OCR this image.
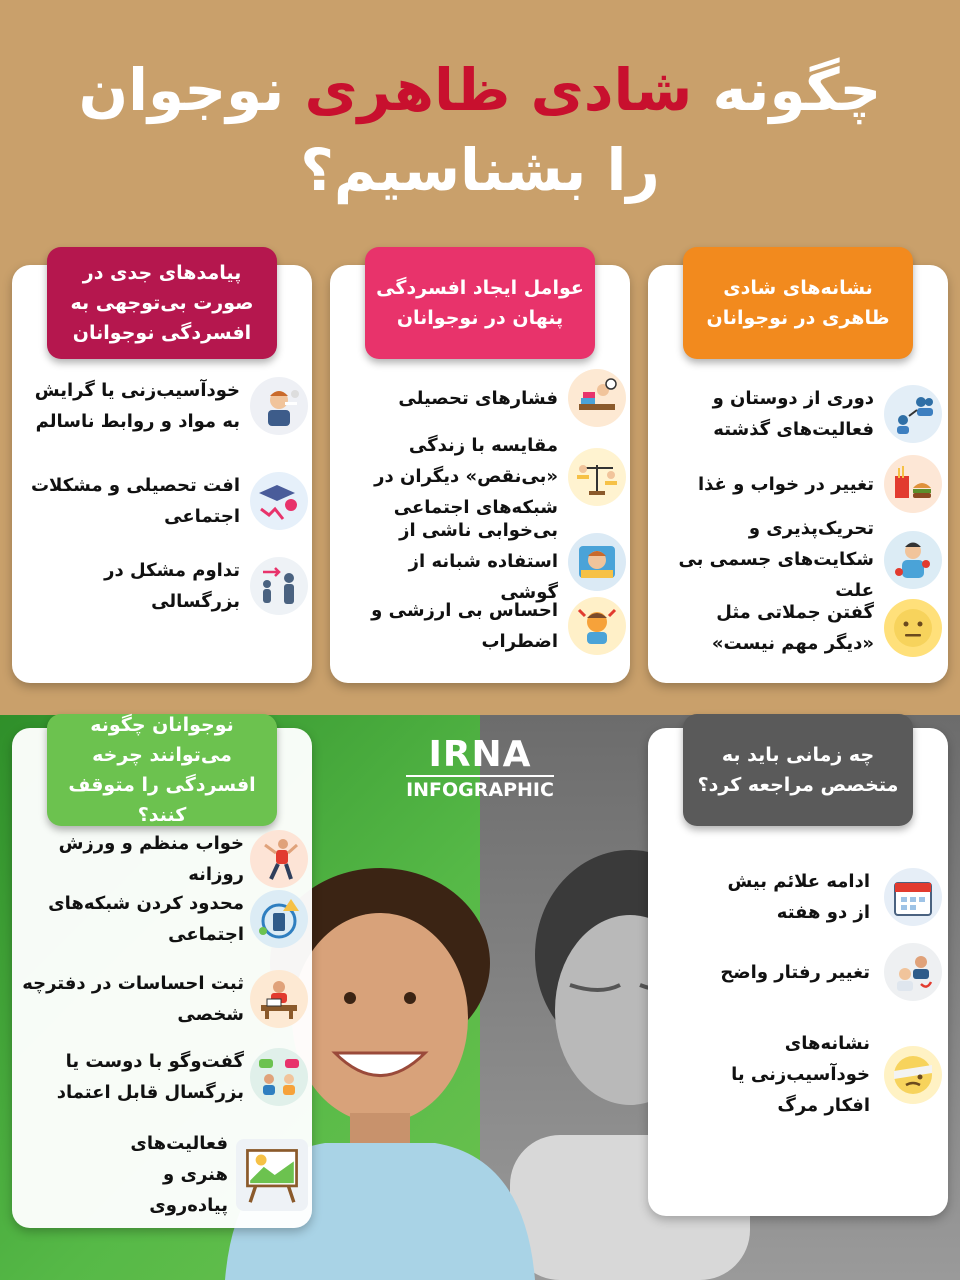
چگونه شادی ظاهری نوجوان
را بشناسیم؟
نشانه‌های شادی ظاهری در نوجوانان
دوری از دوستان و فعالیت‌های گذشته
تغییر در خواب و غذا
تحریک‌پذیری و شکایت‌های جسمی بی علت
گفتن جملاتی مثل «دیگر مهم نیست»
عوامل ایجاد افسردگی پنهان در نوجوانان
فشارهای تحصیلی
مقایسه با زندگی «بی‌نقص» دیگران در شبکه‌های اجتماعی
بی‌خوابی ناشی از استفاده شبانه از گوشی
احساس بی ارزشی و اضطراب
پیامدهای جدی در صورت بی‌توجهی به افسردگی نوجوانان
خودآسیب‌زنی یا گرایش به مواد و روابط ناسالم
افت تحصیلی و مشکلات اجتماعی
تداوم مشکل در بزرگسالی
IRNA
INFOGRAPHIC
چه زمانی باید به متخصص مراجعه کرد؟
ادامه علائم بیش از دو هفته
تغییر رفتار واضح
نشانه‌های خودآسیب‌زنی یا افکار مرگ
نوجوانان چگونه می‌توانند چرخه افسردگی را متوقف کنند؟
خواب منظم و ورزش روزانه
محدود کردن شبکه‌های اجتماعی
ثبت احساسات در دفترچه شخصی
گفت‌وگو با دوست یا بزرگسال قابل اعتماد
فعالیت‌های هنری و پیاده‌روی
